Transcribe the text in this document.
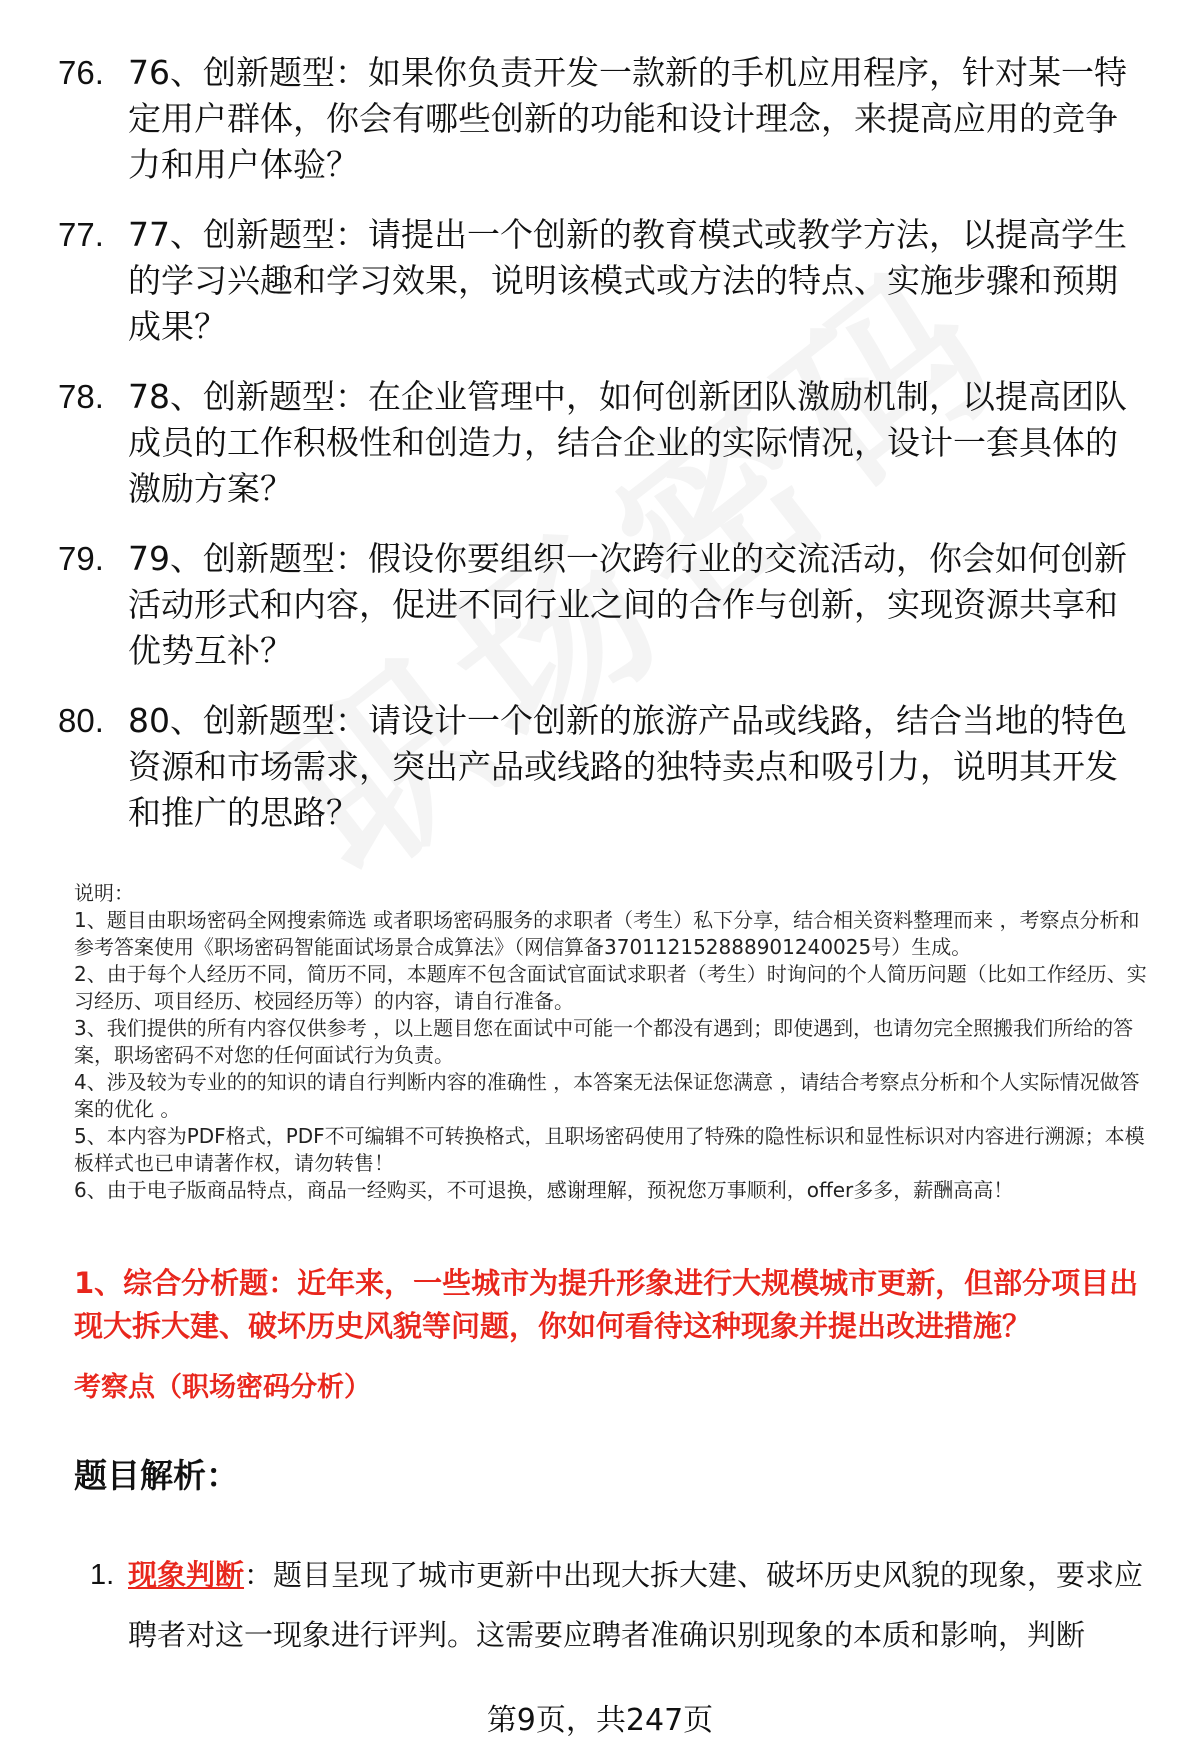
76. 76、创新题型：如果你负责开发一款新的手机应用程序，针对某一特定用户群体，你会有哪些创新的功能和设计理念，来提高应用的竞争力和用户体验？
77. 77、创新题型：请提出一个创新的教育模式或教学方法，以提高学生的学习兴趣和学习效果，说明该模式或方法的特点、实施步骤和预期成果？
78. 78、创新题型：在企业管理中，如何创新团队激励机制，以提高团队成员的工作积极性和创造力，结合企业的实际情况，设计一套具体的激励方案？
79. 79、创新题型：假设你要组织一次跨行业的交流活动，你会如何创新活动形式和内容，促进不同行业之间的合作与创新，实现资源共享和优势互补？
80. 80、创新题型：请设计一个创新的旅游产品或线路，结合当地的特色资源和市场需求，突出产品或线路的独特卖点和吸引力，说明其开发和推广的思路？

说明：

1、题目由职场密码全网搜索筛选 或者职场密码服务的求职者（考生）私下分享，结合相关资料整理而来 ，考察点分析和参考答案使用《职场密码智能面试场景合成算法》（网信算备370112152888901240025号）生成。

2、由于每个人经历不同，简历不同，本题库不包含面试官面试求职者（考生）时询问的个人简历问题（比如工作经历、实习经历、项目经历、校园经历等）的内容，请自行准备。

3、我们提供的所有内容仅供参考 ，以上题目您在面试中可能一个都没有遇到；即使遇到，也请勿完全照搬我们所给的答案，职场密码不对您的任何面试行为负责。

4、涉及较为专业的的知识的请自行判断内容的准确性 ，本答案无法保证您满意 ，请结合考察点分析和个人实际情况做答案的优化 。

5、本内容为PDF格式，PDF不可编辑不可转换格式，且职场密码使用了特殊的隐性标识和显性标识对内容进行溯源；本模板样式也已申请著作权，请勿转售！

6、由于电子版商品特点，商品一经购买，不可退换，感谢理解，预祝您万事顺利，offer多多，薪酬高高！

1、综合分析题：近年来，一些城市为提升形象进行大规模城市更新，但部分项目出现大拆大建、破坏历史风貌等问题，你如何看待这种现象并提出改进措施？
考察点（职场密码分析）
题目解析：
1. 现象判断：题目呈现了城市更新中出现大拆大建、破坏历史风貌的现象，要求应聘者对这一现象进行评判。这需要应聘者准确识别现象的本质和影响，判断
第9页，共247页
